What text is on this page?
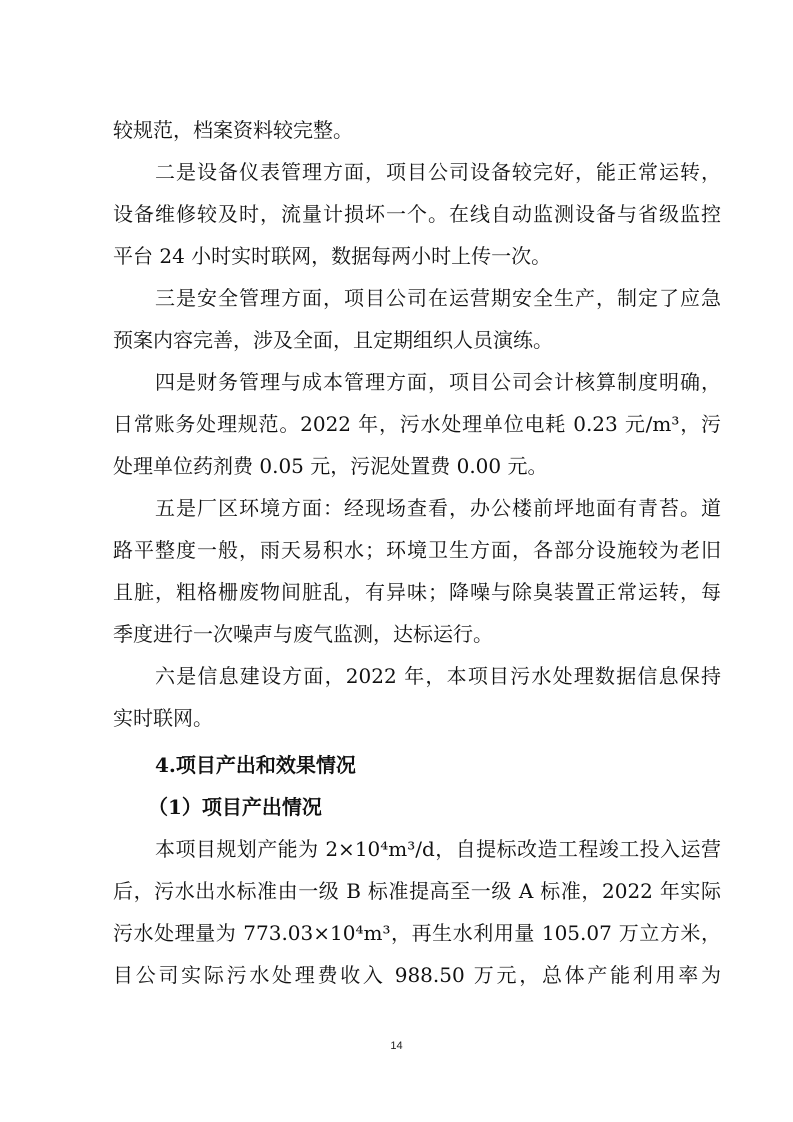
较规范，档案资料较完整。
二是设备仪表管理方面，项目公司设备较完好，能正常运转，
设备维修较及时，流量计损坏一个。在线自动监测设备与省级监控
平台 24 小时实时联网，数据每两小时上传一次。
三是安全管理方面，项目公司在运营期安全生产，制定了应急
预案内容完善，涉及全面，且定期组织人员演练。
四是财务管理与成本管理方面，项目公司会计核算制度明确，
日常账务处理规范。2022 年，污水处理单位电耗 0.23 元/m³，污
处理单位药剂费 0.05 元，污泥处置费 0.00 元。
五是厂区环境方面：经现场查看，办公楼前坪地面有青苔。道
路平整度一般，雨天易积水；环境卫生方面，各部分设施较为老旧
且脏，粗格栅废物间脏乱，有异味；降噪与除臭装置正常运转，每
季度进行一次噪声与废气监测，达标运行。
六是信息建设方面，2022 年，本项目污水处理数据信息保持
实时联网。
4.项目产出和效果情况
（1）项目产出情况
本项目规划产能为 2×10⁴m³/d，自提标改造工程竣工投入运营
后，污水出水标准由一级 B 标准提高至一级 A 标准，2022 年实际
污水处理量为 773.03×10⁴m³，再生水利用量 105.07 万立方米，
目公司实际污水处理费收入 988.50 万元，总体产能利用率为
14
